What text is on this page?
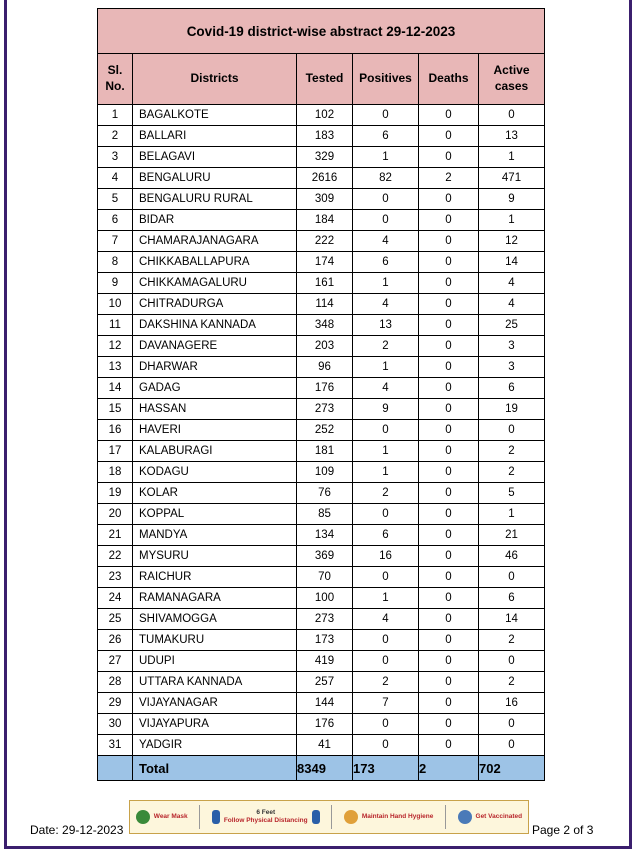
Covid-19 district-wise abstract 29-12-2023					
Sl. No.	Districts	Tested	Positives	Deaths	Active cases
1	BAGALKOTE	102	0	0	0
2	BALLARI	183	6	0	13
3	BELAGAVI	329	1	0	1
4	BENGALURU	2616	82	2	471
5	BENGALURU RURAL	309	0	0	9
6	BIDAR	184	0	0	1
7	CHAMARAJANAGARA	222	4	0	12
8	CHIKKABALLAPURA	174	6	0	14
9	CHIKKAMAGALURU	161	1	0	4
10	CHITRADURGA	114	4	0	4
11	DAKSHINA KANNADA	348	13	0	25
12	DAVANAGERE	203	2	0	3
13	DHARWAR	96	1	0	3
14	GADAG	176	4	0	6
15	HASSAN	273	9	0	19
16	HAVERI	252	0	0	0
17	KALABURAGI	181	1	0	2
18	KODAGU	109	1	0	2
19	KOLAR	76	2	0	5
20	KOPPAL	85	0	0	1
21	MANDYA	134	6	0	21
22	MYSURU	369	16	0	46
23	RAICHUR	70	0	0	0
24	RAMANAGARA	100	1	0	6
25	SHIVAMOGGA	273	4	0	14
26	TUMAKURU	173	0	0	2
27	UDUPI	419	0	0	0
28	UTTARA KANNADA	257	2	0	2
29	VIJAYANAGAR	144	7	0	16
30	VIJAYAPURA	176	0	0	0
31	YADGIR	41	0	0	0
	Total	8349	173	2	702
Date: 29-12-2023
Wear Mask
6 Feet
Follow Physical Distancing
Maintain Hand Hygiene	Get Vaccinated
Page 2 of 3
